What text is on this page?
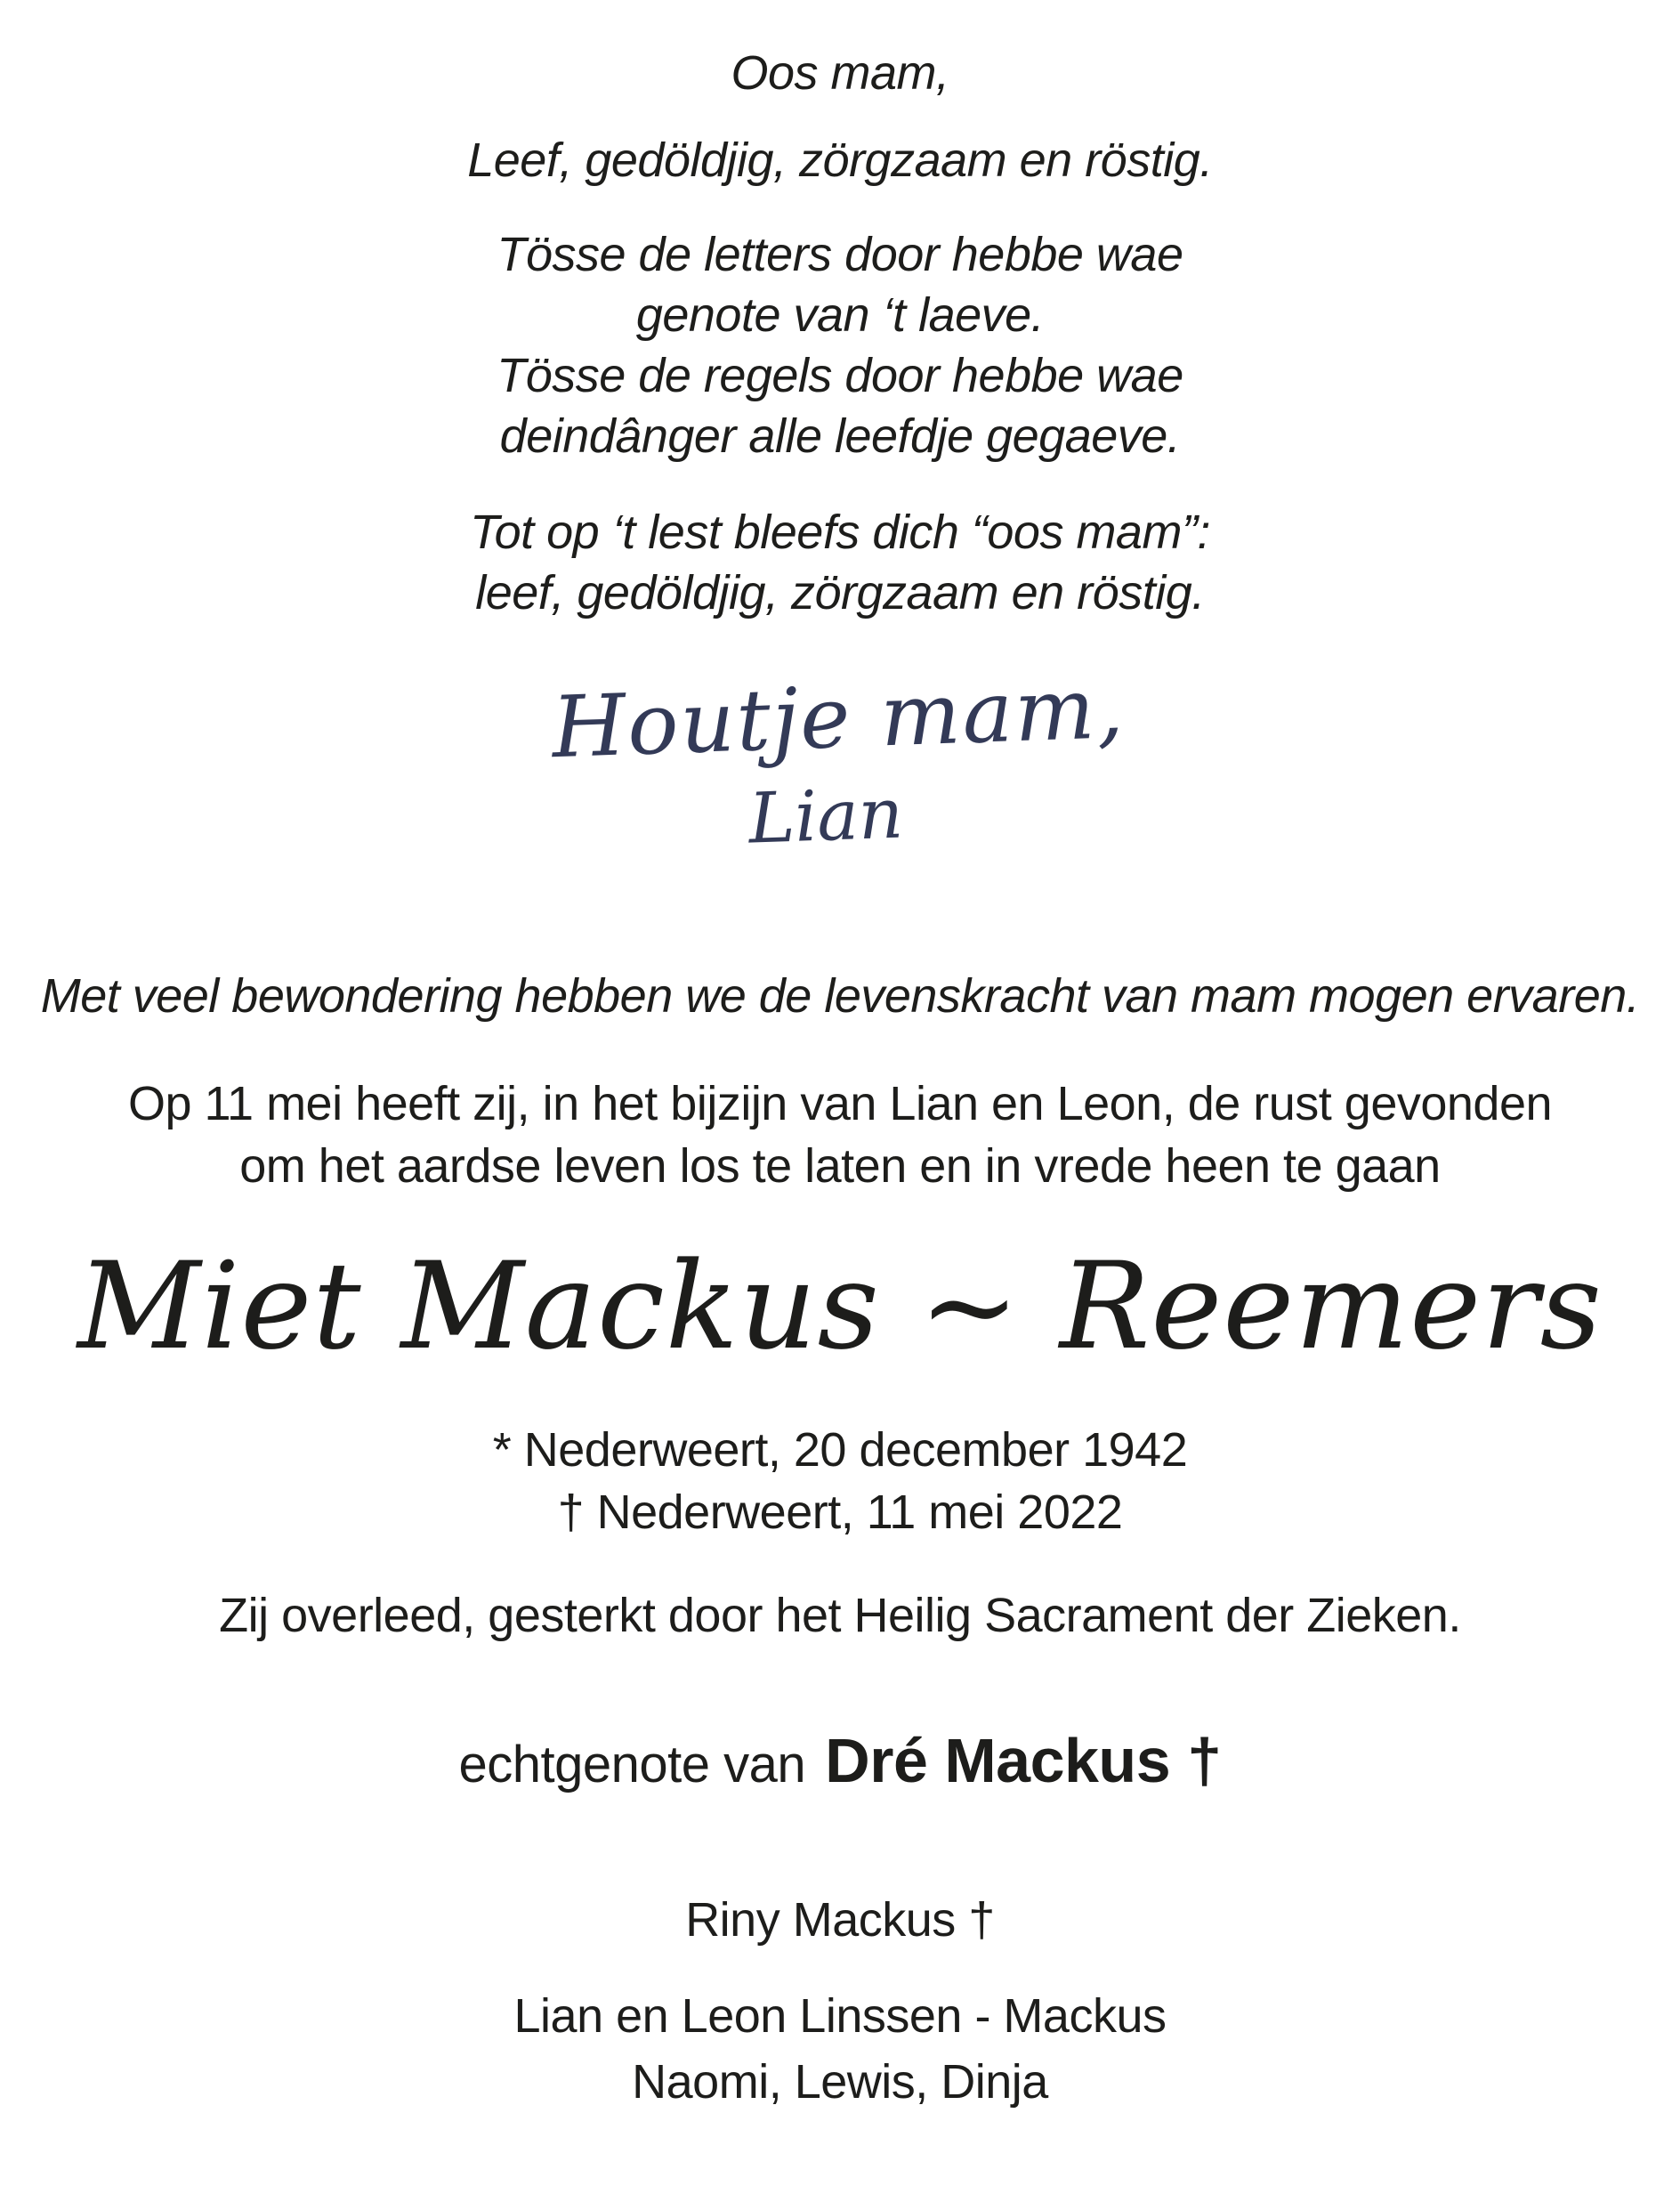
Oos mam,
Leef, gedöldjig, zörgzaam en röstig.
Tösse de letters door hebbe wae
genote van ‘t laeve.
Tösse de regels door hebbe wae
deindânger alle leefdje gegaeve.
Tot op ‘t lest bleefs dich “oos mam”:
leef, gedöldjig, zörgzaam en röstig.
Houtje mam,
Lian
Met veel bewondering hebben we de levenskracht van mam mogen ervaren.
Op 11 mei heeft zij, in het bijzijn van Lian en Leon, de rust gevonden
om het aardse leven los te laten en in vrede heen te gaan
Miet Mackus ~ Reemers
* Nederweert, 20 december 1942
† Nederweert, 11 mei 2022
Zij overleed, gesterkt door het Heilig Sacrament der Zieken.
echtgenote van Dré Mackus †
Riny Mackus †
Lian en Leon Linssen - Mackus
Naomi, Lewis, Dinja
